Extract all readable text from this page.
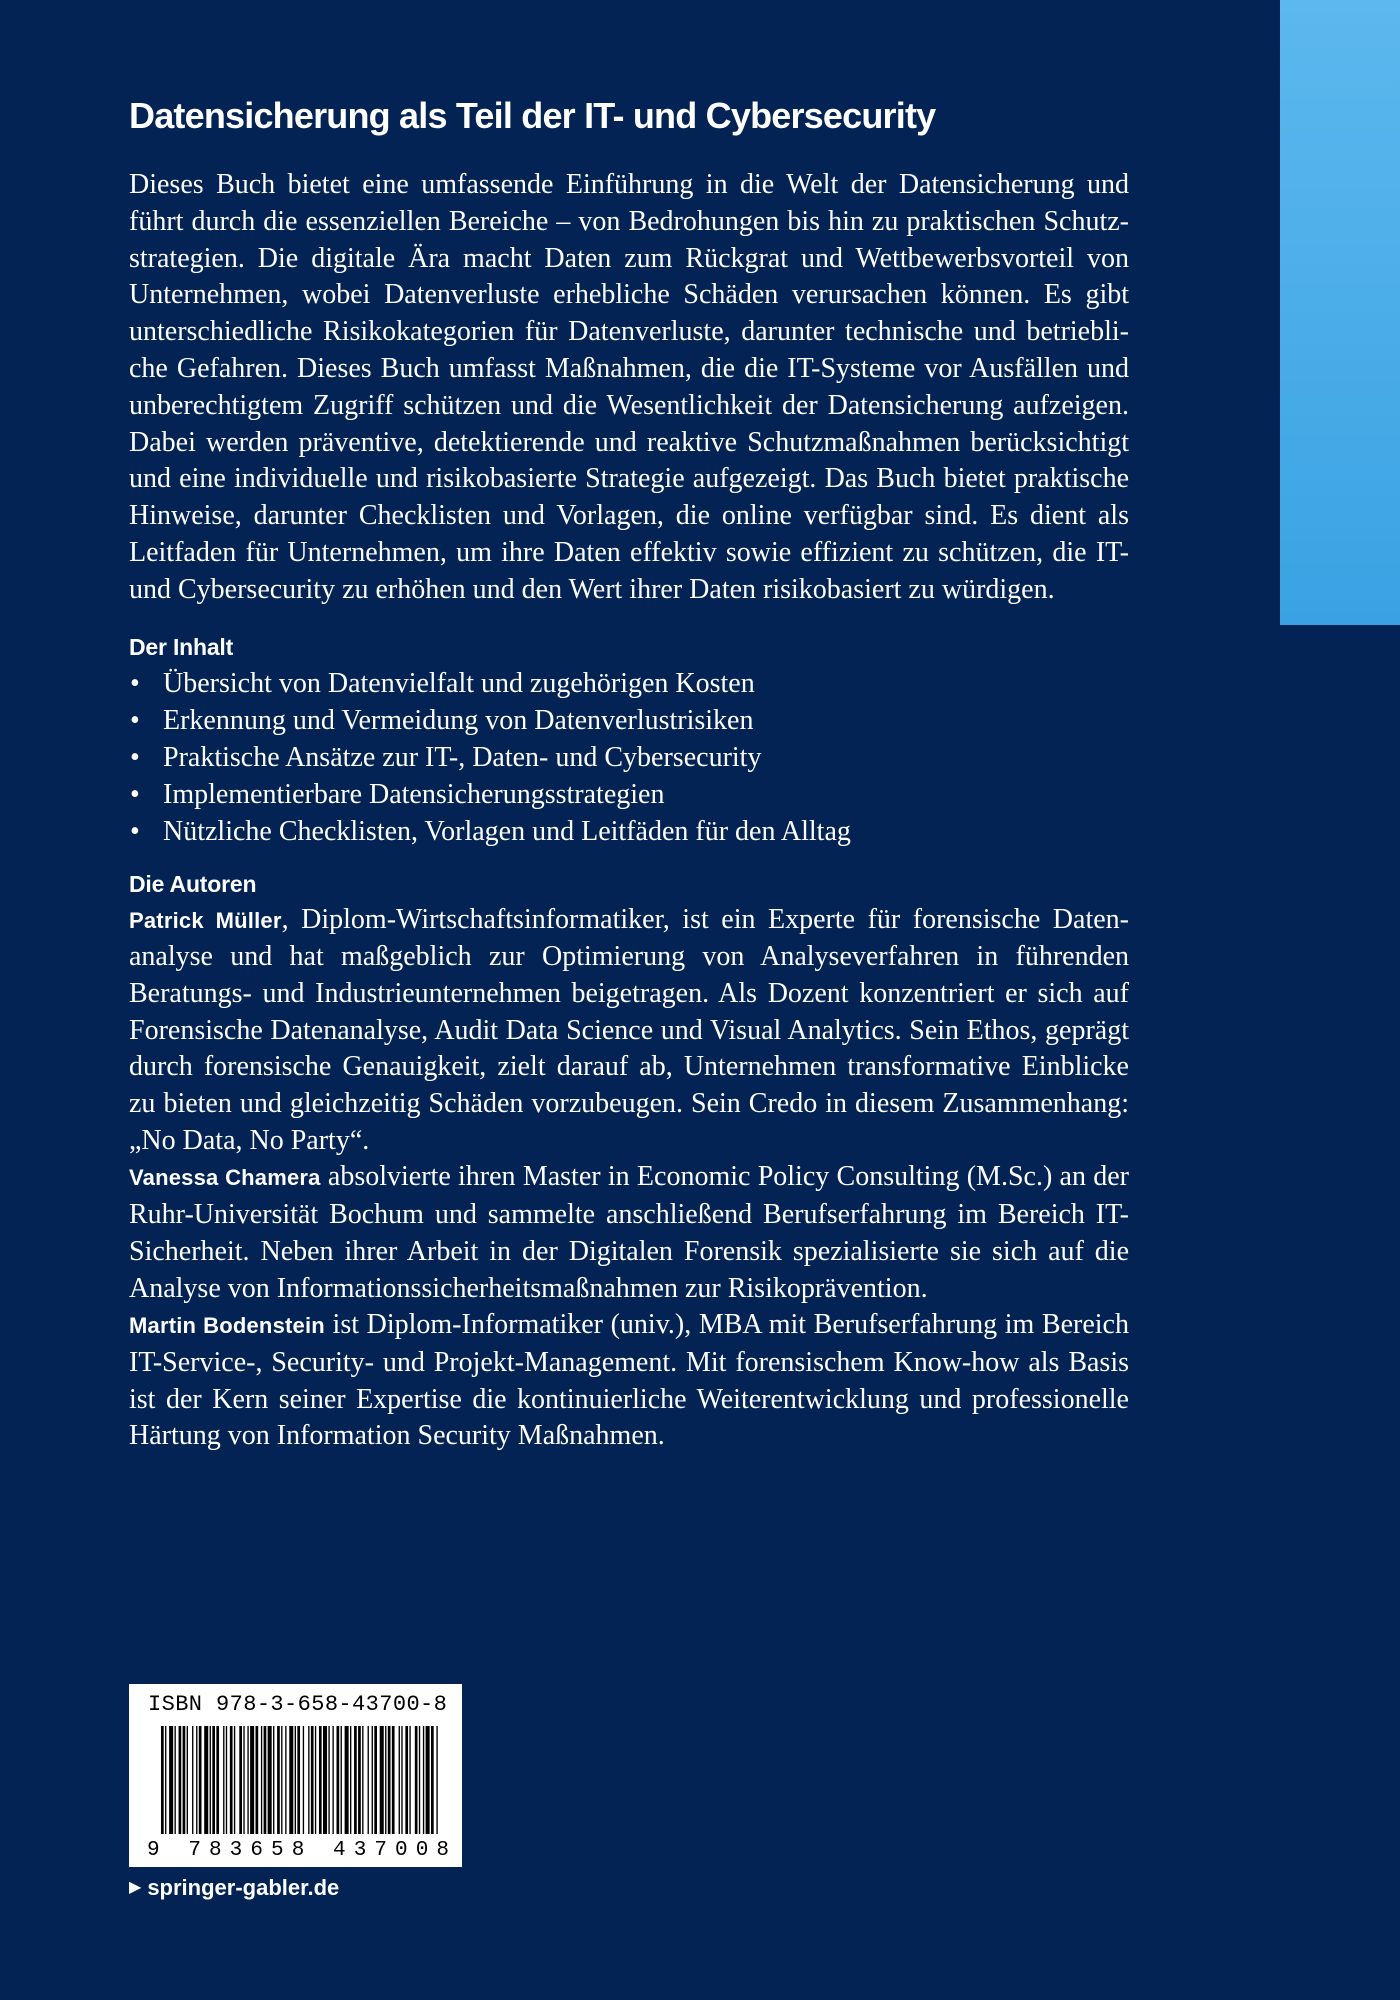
Datensicherung als Teil der IT- und Cybersecurity

Dieses Buch bietet eine umfassende Einführung in die Welt der Datensicherung und führt durch die essenziellen Bereiche – von Bedrohungen bis hin zu praktischen Schutzstrategien. Die digitale Ära macht Daten zum Rückgrat und Wettbewerbsvorteil von Unternehmen, wobei Datenverluste erhebliche Schäden verursachen können. Es gibt unterschiedliche Risikokategorien für Datenverluste, darunter technische und betriebliche Gefahren. Dieses Buch umfasst Maßnahmen, die die IT-Systeme vor Ausfällen und unberechtigtem Zugriff schützen und die Wesentlichkeit der Datensicherung aufzeigen. Dabei werden präventive, detektierende und reaktive Schutzmaßnahmen berücksichtigt und eine individuelle und risikobasierte Strategie aufgezeigt. Das Buch bietet praktische Hinweise, darunter Checklisten und Vorlagen, die online verfügbar sind. Es dient als Leitfaden für Unternehmen, um ihre Daten effektiv sowie effizient zu schützen, die IT- und Cybersecurity zu erhöhen und den Wert ihrer Daten risikobasiert zu würdigen.

Der Inhalt
• Übersicht von Datenvielfalt und zugehörigen Kosten
• Erkennung und Vermeidung von Datenverlustrisiken
• Praktische Ansätze zur IT-, Daten- und Cybersecurity
• Implementierbare Datensicherungsstrategien
• Nützliche Checklisten, Vorlagen und Leitfäden für den Alltag
Die Autoren

Patrick Müller, Diplom-Wirtschaftsinformatiker, ist ein Experte für forensische Datenanalyse und hat maßgeblich zur Optimierung von Analyseverfahren in führenden Beratungs- und Industrieunternehmen beigetragen. Als Dozent konzentriert er sich auf Forensische Datenanalyse, Audit Data Science und Visual Analytics. Sein Ethos, geprägt durch forensische Genauigkeit, zielt darauf ab, Unternehmen transformative Einblicke zu bieten und gleichzeitig Schäden vorzubeugen. Sein Credo in diesem Zusammenhang: „No Data, No Party“.

Vanessa Chamera absolvierte ihren Master in Economic Policy Consulting (M.Sc.) an der Ruhr-Universität Bochum und sammelte anschließend Berufserfahrung im Bereich IT-Sicherheit. Neben ihrer Arbeit in der Digitalen Forensik spezialisierte sie sich auf die Analyse von Informationssicherheitsmaßnahmen zur Risikoprävention.

Martin Bodenstein ist Diplom-Informatiker (univ.), MBA mit Berufserfahrung im Bereich IT-Service-, Security- und Projekt-Management. Mit forensischem Know-how als Basis ist der Kern seiner Expertise die kontinuierliche Weiterentwicklung und professionelle Härtung von Information Security Maßnahmen.

ISBN 978-3-658-43700-8
9 783658 437008
▶ springer-gabler.de
